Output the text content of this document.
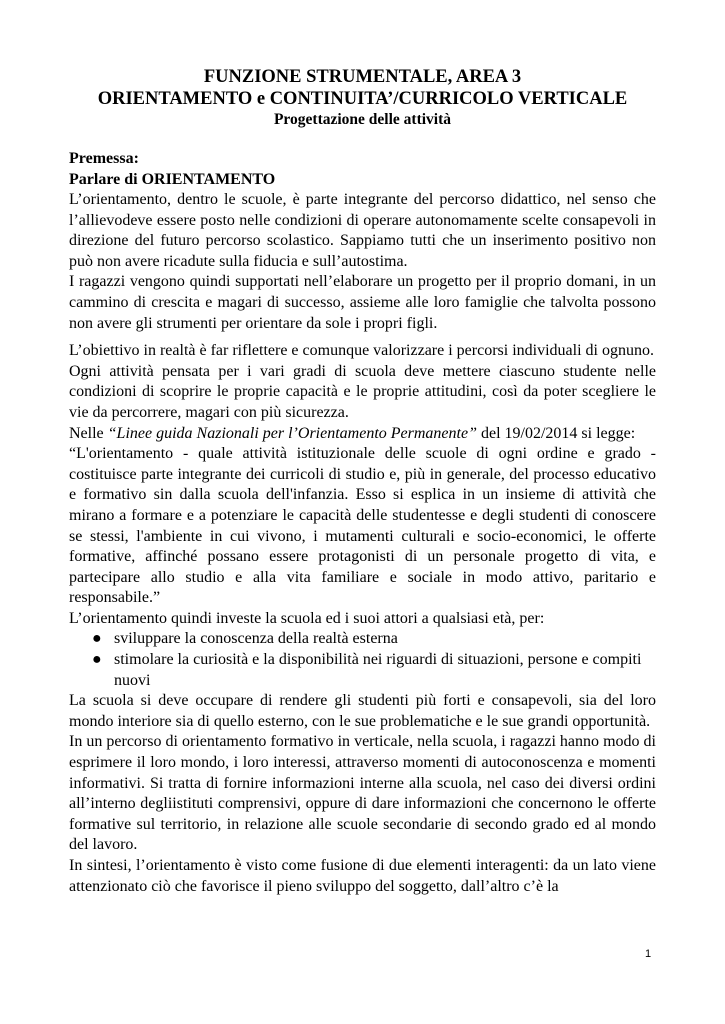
FUNZIONE STRUMENTALE, AREA 3

ORIENTAMENTO e CONTINUITA’/CURRICOLO VERTICALE

Progettazione delle attività

Premessa:

Parlare di ORIENTAMENTO

L’orientamento, dentro le scuole, è parte integrante del percorso didattico, nel senso che l’allievodeve essere posto nelle condizioni di operare autonomamente scelte consapevoli in direzione del futuro percorso scolastico. Sappiamo tutti che un inserimento positivo non può non avere ricadute sulla fiducia e sull’autostima.

I ragazzi vengono quindi supportati nell’elaborare un progetto per il proprio domani, in un cammino di crescita e magari di successo, assieme alle loro famiglie che talvolta possono non avere gli strumenti per orientare da sole i propri figli.

L’obiettivo in realtà è far riflettere e comunque valorizzare i percorsi individuali di ognuno.

Ogni attività pensata per i vari gradi di scuola deve mettere ciascuno studente nelle condizioni di scoprire le proprie capacità e le proprie attitudini, così da poter scegliere le vie da percorrere, magari con più sicurezza.

Nelle “Linee guida Nazionali per l’Orientamento Permanente” del 19/02/2014 si legge:

“L'orientamento - quale attività istituzionale delle scuole di ogni ordine e grado - costituisce parte integrante dei curricoli di studio e, più in generale, del processo educativo e formativo sin dalla scuola dell'infanzia. Esso si esplica in un insieme di attività che mirano a formare e a potenziare le capacità delle studentesse e degli studenti di conoscere se stessi, l'ambiente in cui vivono, i mutamenti culturali e socio-economici, le offerte formative, affinché possano essere protagonisti di un personale progetto di vita, e partecipare allo studio e alla vita familiare e sociale in modo attivo, paritario e responsabile.”

L’orientamento quindi investe la scuola ed i suoi attori a qualsiasi età, per:

● sviluppare la conoscenza della realtà esterna
● stimolare la curiosità e la disponibilità nei riguardi di situazioni, persone e compiti nuovi

La scuola si deve occupare di rendere gli studenti più forti e consapevoli, sia del loro mondo interiore sia di quello esterno, con le sue problematiche e le sue grandi opportunità.

In un percorso di orientamento formativo in verticale, nella scuola, i ragazzi hanno modo di esprimere il loro mondo, i loro interessi, attraverso momenti di autoconoscenza e momenti informativi. Si tratta di fornire informazioni interne alla scuola, nel caso dei diversi ordini all’interno degliistituti comprensivi, oppure di dare informazioni che concernono le offerte formative sul territorio, in relazione alle scuole secondarie di secondo grado ed al mondo del lavoro.

In sintesi, l’orientamento è visto come fusione di due elementi interagenti: da un lato viene attenzionato ciò che favorisce il pieno sviluppo del soggetto, dall’altro c’è la

1
